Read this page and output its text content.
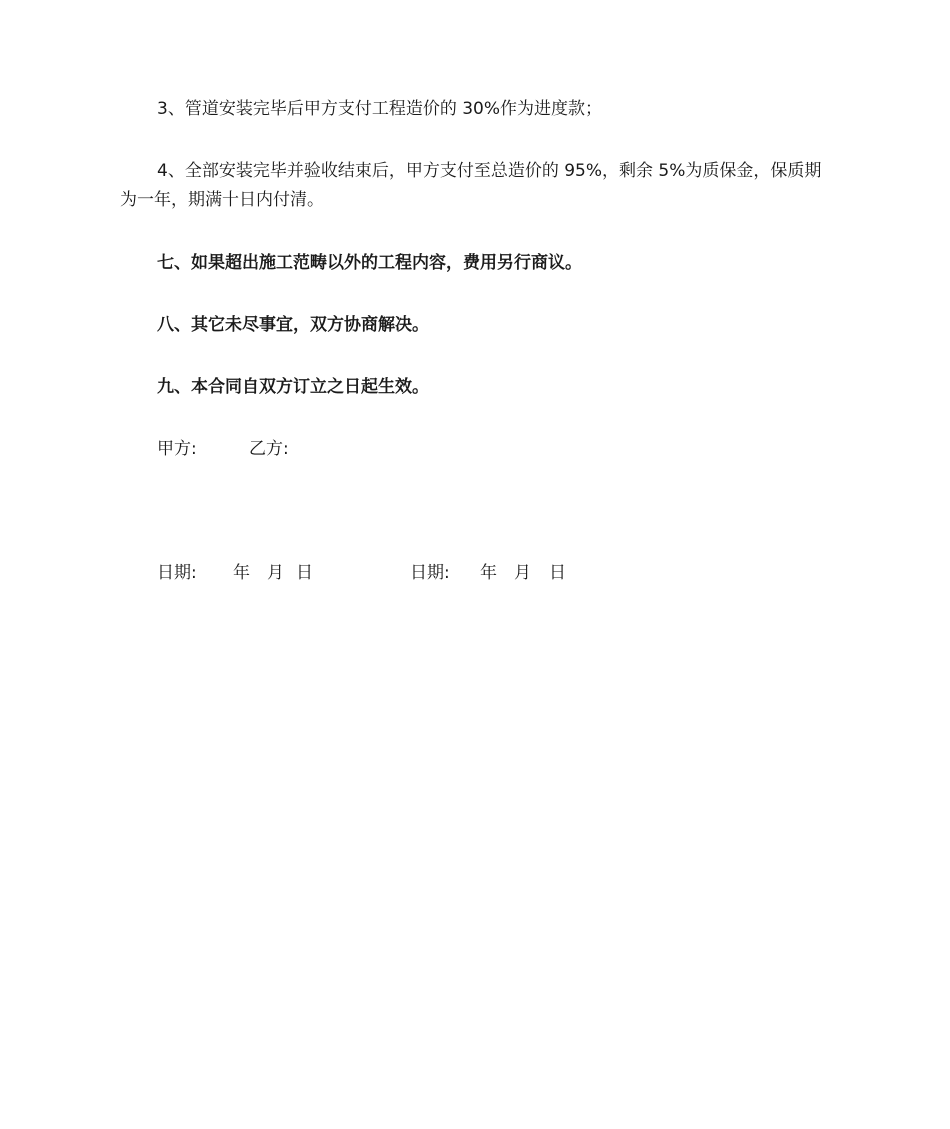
3、管道安装完毕后甲方支付工程造价的 30%作为进度款；
4、全部安装完毕并验收结束后，甲方支付至总造价的 95%，剩余 5%为质保金，保质期为一年，期满十日内付清。
七、如果超出施工范畴以外的工程内容，费用另行商议。
八、其它未尽事宜，双方协商解决。
九、本合同自双方订立之日起生效。
甲方:	乙方:
日期: 年 月 日	日期: 年 月 日
